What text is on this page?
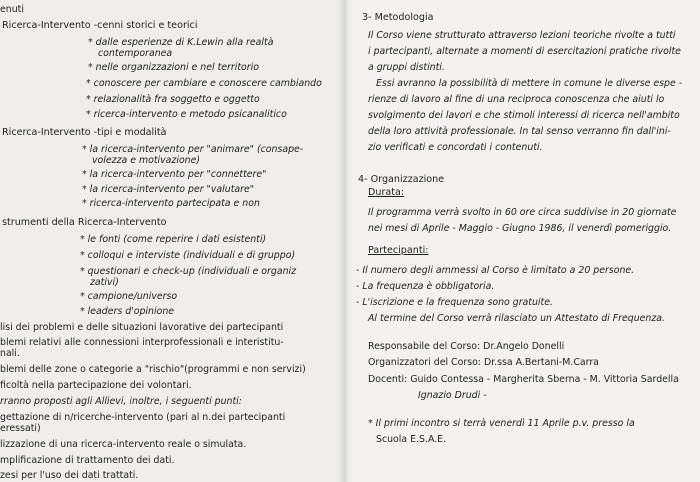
enuti
Ricerca-Intervento -cenni storici e teorici
* dalle esperienze di K.Lewin alla realtà
contemporanea
* nelle organizzazioni e nel territorio
* conoscere per cambiare e conoscere cambiando
* relazionalità fra soggetto e oggetto
* ricerca-intervento e metodo psicanalitico
Ricerca-Intervento -tipi e modalità
* la ricerca-intervento per "animare" (consape-
volezza e motivazione)
* la ricerca-intervento per "connettere"
* la ricerca-intervento per "valutare"
* ricerca-intervento partecipata e non
strumenti della Ricerca-Intervento
* le fonti (come reperire i dati esistenti)
* colloqui e interviste (individuali e di gruppo)
* questionari e check-up (individuali e organiz
zativi)
* campione/universo
* leaders d'opinione
lisi dei problemi e delle situazioni lavorative dei partecipanti
blemi relativi alle connessioni interprofessionali e interistitu-
nali.
blemi delle zone o categorie a "rischio"(programmi e non servizi)
ficoltà nella partecipazione dei volontari.
rranno proposti agli Allievi, inoltre, i seguenti punti:
gettazione di n/ricerche-intervento (pari al n.dei partecipanti
eressati)
lizzazione di una ricerca-intervento reale o simulata.
mplificazione di trattamento dei dati.
zesi per l'uso dei dati trattati.
3- Metodologia
Il Corso viene strutturato attraverso lezioni teoriche rivolte a tutti
i partecipanti, alternate a momenti di esercitazioni pratiche rivolte
a gruppi distinti.
Essi avranno la possibilità di mettere in comune le diverse espe -
rienze di lavoro al fine di una reciproca conoscenza che aiuti lo
svolgimento dei lavori e che stimoli interessi di ricerca nell'ambito
della loro attività professionale. In tal senso verranno fin dall'ini-
zio verificati e concordati i contenuti.
4- Organizzazione
Durata:
Il programma verrà svolto in 60 ore circa suddivise in 20 giornate
nei mesi di Aprile - Maggio - Giugno 1986, il venerdì pomeriggio.
Partecipanti:
- Il numero degli ammessi al Corso è limitato a 20 persone.
- La frequenza è obbligatoria.
- L'iscrizione e la frequenza sono gratuite.
Al termine del Corso verrà rilasciato un Attestato di Frequenza.
Responsabile del Corso: Dr.Angelo Donelli
Organizzatori del Corso: Dr.ssa A.Bertani-M.Carra
Docenti: Guido Contessa - Margherita Sberna - M. Vittoria Sardella
Ignazio Drudi -
* Il primi incontro si terrà venerdì 11 Aprile p.v. presso la
Scuola E.S.A.E.
